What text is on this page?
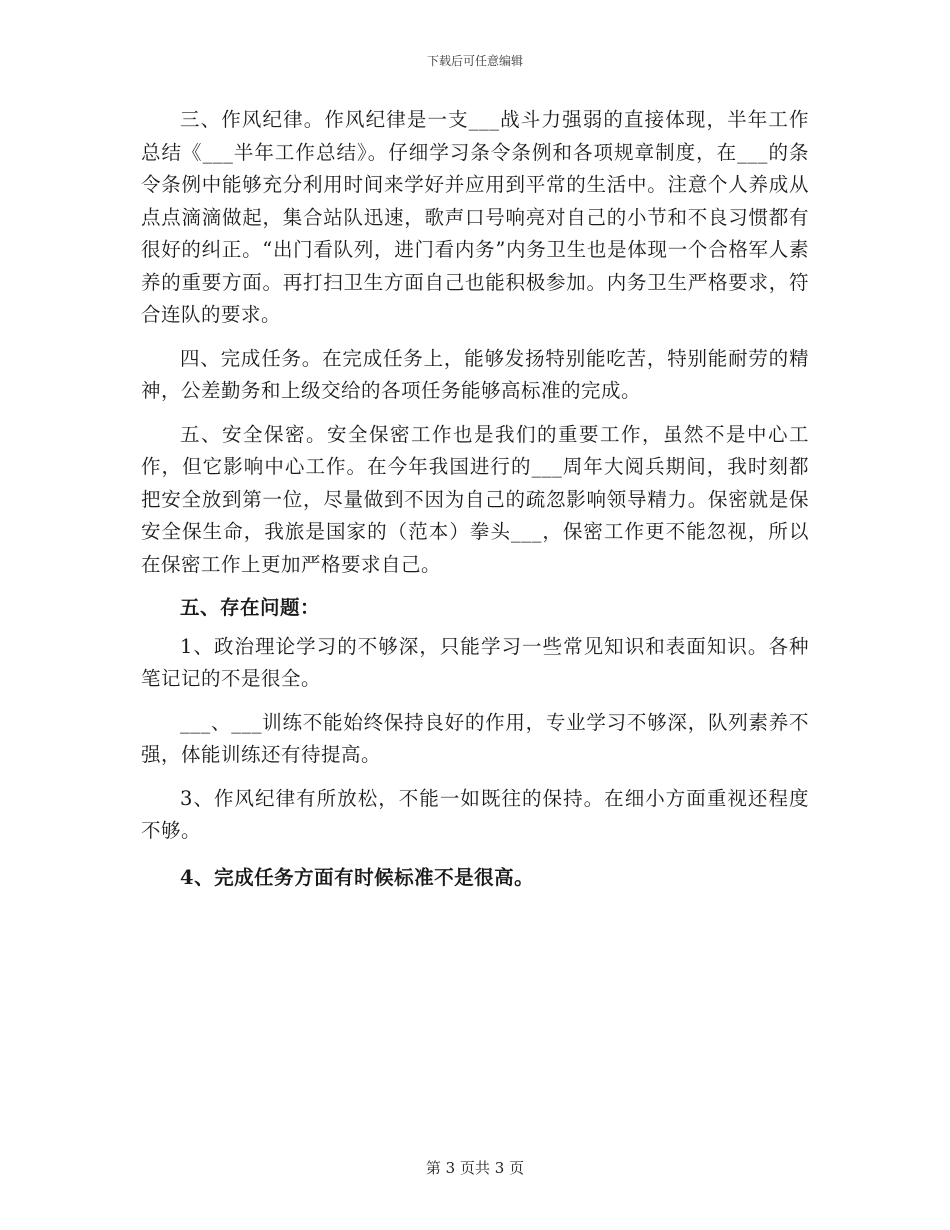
下载后可任意编辑

三、作风纪律。作风纪律是一支___战斗力强弱的直接体现，半年工作总结《___半年工作总结》。仔细学习条令条例和各项规章制度，在___的条令条例中能够充分利用时间来学好并应用到平常的生活中。注意个人养成从点点滴滴做起，集合站队迅速，歌声口号响亮对自己的小节和不良习惯都有很好的纠正。“出门看队列，进门看内务”内务卫生也是体现一个合格军人素养的重要方面。再打扫卫生方面自己也能积极参加。内务卫生严格要求，符合连队的要求。

四、完成任务。在完成任务上，能够发扬特别能吃苦，特别能耐劳的精神，公差勤务和上级交给的各项任务能够高标准的完成。

五、安全保密。安全保密工作也是我们的重要工作，虽然不是中心工作，但它影响中心工作。在今年我国进行的___周年大阅兵期间，我时刻都把安全放到第一位，尽量做到不因为自己的疏忽影响领导精力。保密就是保安全保生命，我旅是国家的（范本）拳头___，保密工作更不能忽视，所以在保密工作上更加严格要求自己。

五、存在问题：

1、政治理论学习的不够深，只能学习一些常见知识和表面知识。各种笔记记的不是很全。

___、___训练不能始终保持良好的作用，专业学习不够深，队列素养不强，体能训练还有待提高。

3、作风纪律有所放松，不能一如既往的保持。在细小方面重视还程度不够。

4、完成任务方面有时候标准不是很高。

第 3 页共 3 页
